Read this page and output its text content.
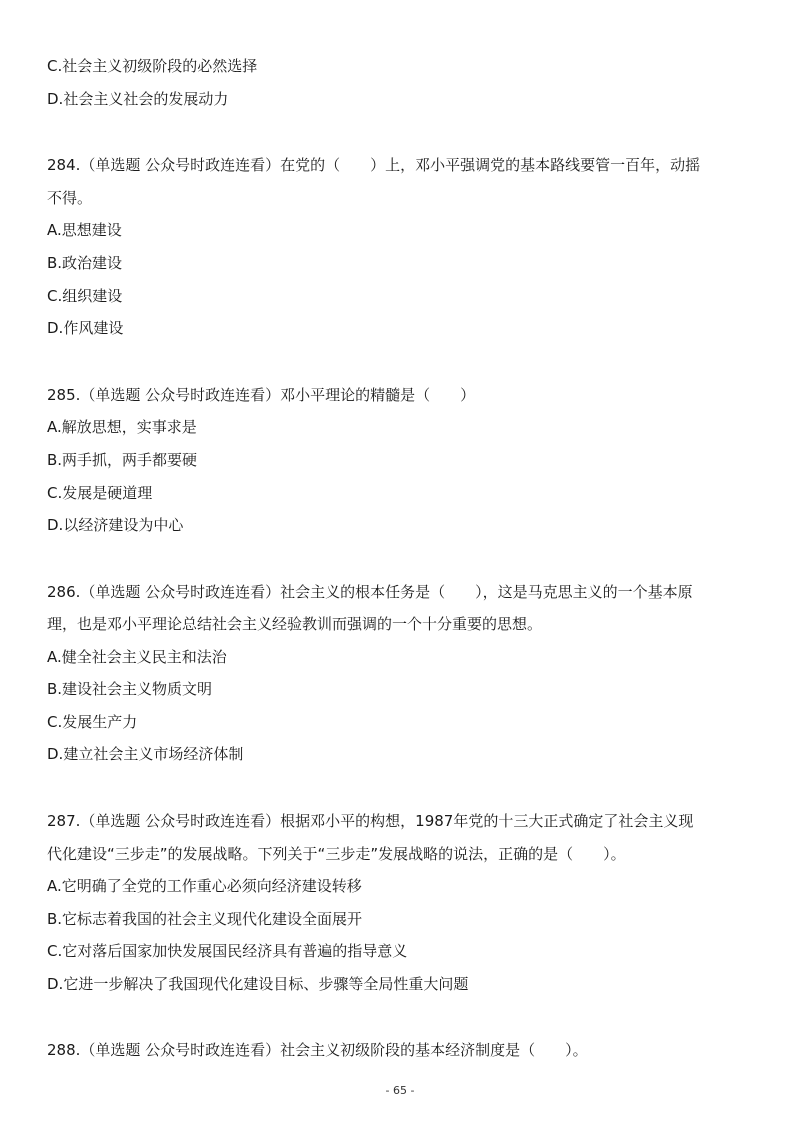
C.社会主义初级阶段的必然选择
D.社会主义社会的发展动力
284.（单选题 公众号时政连连看）在党的（　　）上，邓小平强调党的基本路线要管一百年，动摇
不得。
A.思想建设
B.政治建设
C.组织建设
D.作风建设
285.（单选题 公众号时政连连看）邓小平理论的精髓是（　　）
A.解放思想，实事求是
B.两手抓，两手都要硬
C.发展是硬道理
D.以经济建设为中心
286.（单选题 公众号时政连连看）社会主义的根本任务是（　　），这是马克思主义的一个基本原
理，也是邓小平理论总结社会主义经验教训而强调的一个十分重要的思想。
A.健全社会主义民主和法治
B.建设社会主义物质文明
C.发展生产力
D.建立社会主义市场经济体制
287.（单选题 公众号时政连连看）根据邓小平的构想，1987年党的十三大正式确定了社会主义现
代化建设“三步走”的发展战略。下列关于“三步走”发展战略的说法，正确的是（　　）。
A.它明确了全党的工作重心必须向经济建设转移
B.它标志着我国的社会主义现代化建设全面展开
C.它对落后国家加快发展国民经济具有普遍的指导意义
D.它进一步解决了我国现代化建设目标、步骤等全局性重大问题
288.（单选题 公众号时政连连看）社会主义初级阶段的基本经济制度是（　　）。
- 65 -
